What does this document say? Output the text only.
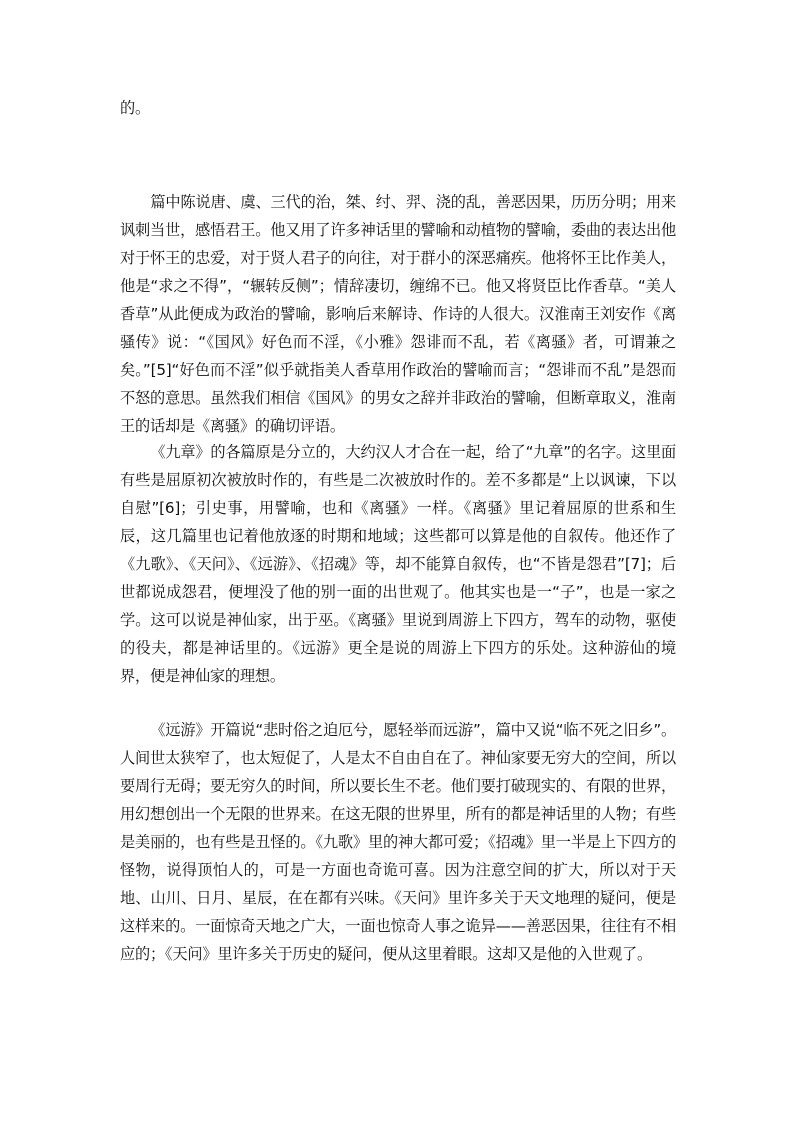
的。

篇中陈说唐、虞、三代的治，桀、纣、羿、浇的乱，善恶因果，历历分明；用来讽刺当世，感悟君王。他又用了许多神话里的譬喻和动植物的譬喻，委曲的表达出他对于怀王的忠爱，对于贤人君子的向往，对于群小的深恶痛疾。他将怀王比作美人，他是“求之不得”，“辗转反侧”；情辞凄切，缠绵不已。他又将贤臣比作香草。“美人香草”从此便成为政治的譬喻，影响后来解诗、作诗的人很大。汉淮南王刘安作《离骚传》说：“《国风》好色而不淫，《小雅》怨诽而不乱，若《离骚》者，可谓兼之矣。”[5]“好色而不淫”似乎就指美人香草用作政治的譬喻而言；“怨诽而不乱”是怨而不怒的意思。虽然我们相信《国风》的男女之辞并非政治的譬喻，但断章取义，淮南王的话却是《离骚》的确切评语。

《九章》的各篇原是分立的，大约汉人才合在一起，给了“九章”的名字。这里面有些是屈原初次被放时作的，有些是二次被放时作的。差不多都是“上以讽谏，下以自慰”[6]；引史事，用譬喻，也和《离骚》一样。《离骚》里记着屈原的世系和生辰，这几篇里也记着他放逐的时期和地域；这些都可以算是他的自叙传。他还作了《九歌》、《天问》、《远游》、《招魂》等，却不能算自叙传，也“不皆是怨君”[7]；后世都说成怨君，便埋没了他的别一面的出世观了。他其实也是一“子”，也是一家之学。这可以说是神仙家，出于巫。《离骚》里说到周游上下四方，驾车的动物，驱使的役夫，都是神话里的。《远游》更全是说的周游上下四方的乐处。这种游仙的境界，便是神仙家的理想。

《远游》开篇说“悲时俗之迫厄兮，愿轻举而远游”，篇中又说“临不死之旧乡”。人间世太狭窄了，也太短促了，人是太不自由自在了。神仙家要无穷大的空间，所以要周行无碍；要无穷久的时间，所以要长生不老。他们要打破现实的、有限的世界，用幻想创出一个无限的世界来。在这无限的世界里，所有的都是神话里的人物；有些是美丽的，也有些是丑怪的。《九歌》里的神大都可爱；《招魂》里一半是上下四方的怪物，说得顶怕人的，可是一方面也奇诡可喜。因为注意空间的扩大，所以对于天地、山川、日月、星辰，在在都有兴味。《天问》里许多关于天文地理的疑问，便是这样来的。一面惊奇天地之广大，一面也惊奇人事之诡异——善恶因果，往往有不相应的；《天问》里许多关于历史的疑问，便从这里着眼。这却又是他的入世观了。
